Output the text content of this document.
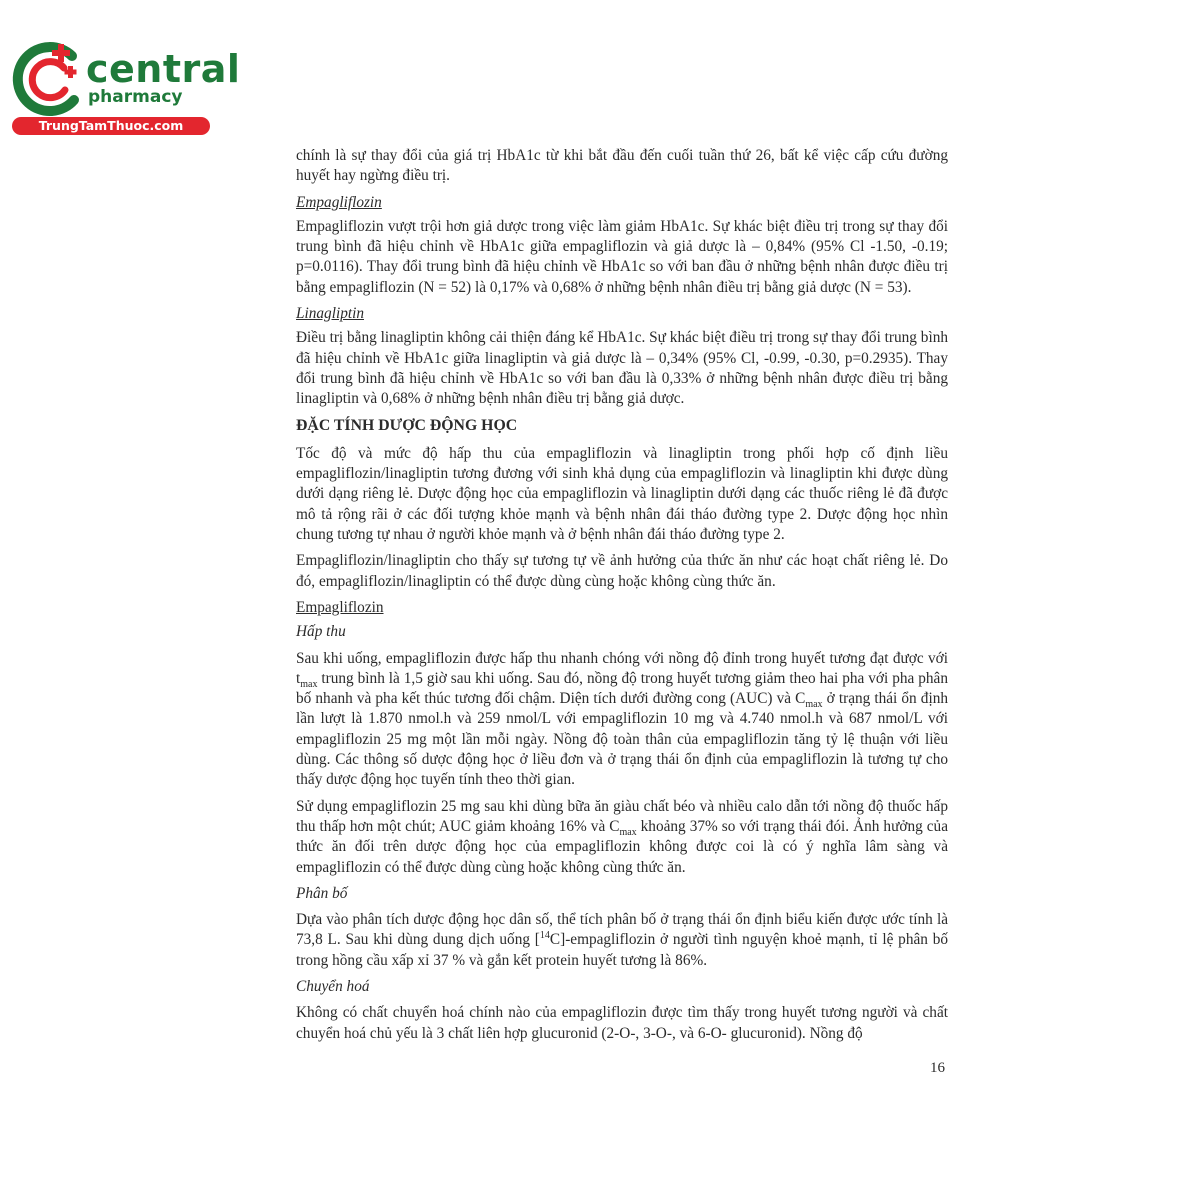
central
pharmacy
TrungTamThuoc.com

chính là sự thay đổi của giá trị HbA1c từ khi bắt đầu đến cuối tuần thứ 26, bất kể việc cấp cứu đường huyết hay ngừng điều trị.

Empagliflozin

Empagliflozin vượt trội hơn giả dược trong việc làm giảm HbA1c. Sự khác biệt điều trị trong sự thay đổi trung bình đã hiệu chỉnh về HbA1c giữa empagliflozin và giả dược là – 0,84% (95% Cl -1.50, -0.19; p=0.0116). Thay đổi trung bình đã hiệu chỉnh về HbA1c so với ban đầu ở những bệnh nhân được điều trị bằng empagliflozin (N = 52) là 0,17% và 0,68% ở những bệnh nhân điều trị bằng giả dược (N = 53).

Linagliptin

Điều trị bằng linagliptin không cải thiện đáng kể HbA1c. Sự khác biệt điều trị trong sự thay đổi trung bình đã hiệu chỉnh về HbA1c giữa linagliptin và giả dược là – 0,34% (95% Cl, -0.99, -0.30, p=0.2935). Thay đổi trung bình đã hiệu chỉnh về HbA1c so với ban đầu là 0,33% ở những bệnh nhân được điều trị bằng linagliptin và 0,68% ở những bệnh nhân điều trị bằng giả dược.

ĐẶC TÍNH DƯỢC ĐỘNG HỌC

Tốc độ và mức độ hấp thu của empagliflozin và linagliptin trong phối hợp cố định liều empagliflozin/linagliptin tương đương với sinh khả dụng của empagliflozin và linagliptin khi được dùng dưới dạng riêng lẻ. Dược động học của empagliflozin và linagliptin dưới dạng các thuốc riêng lẻ đã được mô tả rộng rãi ở các đối tượng khỏe mạnh và bệnh nhân đái tháo đường type 2. Dược động học nhìn chung tương tự nhau ở người khỏe mạnh và ở bệnh nhân đái tháo đường type 2.

Empagliflozin/linagliptin cho thấy sự tương tự về ảnh hưởng của thức ăn như các hoạt chất riêng lẻ. Do đó, empagliflozin/linagliptin có thể được dùng cùng hoặc không cùng thức ăn.

Empagliflozin
Hấp thu

Sau khi uống, empagliflozin được hấp thu nhanh chóng với nồng độ đỉnh trong huyết tương đạt được với $t_{max}$ trung bình là 1,5 giờ sau khi uống. Sau đó, nồng độ trong huyết tương giảm theo hai pha với pha phân bố nhanh và pha kết thúc tương đối chậm. Diện tích dưới đường cong (AUC) và $C_{max}$ ở trạng thái ổn định lần lượt là 1.870 nmol.h và 259 nmol/L với empagliflozin 10 mg và 4.740 nmol.h và 687 nmol/L với empagliflozin 25 mg một lần mỗi ngày. Nồng độ toàn thân của empagliflozin tăng tỷ lệ thuận với liều dùng. Các thông số dược động học ở liều đơn và ở trạng thái ổn định của empagliflozin là tương tự cho thấy dược động học tuyến tính theo thời gian.

Sử dụng empagliflozin 25 mg sau khi dùng bữa ăn giàu chất béo và nhiều calo dẫn tới nồng độ thuốc hấp thu thấp hơn một chút; AUC giảm khoảng 16% và $C_{max}$ khoảng 37% so với trạng thái đói. Ảnh hưởng của thức ăn đối trên dược động học của empagliflozin không được coi là có ý nghĩa lâm sàng và empagliflozin có thể được dùng cùng hoặc không cùng thức ăn.

Phân bố

Dựa vào phân tích dược động học dân số, thể tích phân bố ở trạng thái ổn định biểu kiến được ước tính là 73,8 L. Sau khi dùng dung dịch uống [$^{14}$C]-empagliflozin ở người tình nguyện khoẻ mạnh, tỉ lệ phân bố trong hồng cầu xấp xỉ 37 % và gắn kết protein huyết tương là 86%.

Chuyển hoá

Không có chất chuyển hoá chính nào của empagliflozin được tìm thấy trong huyết tương người và chất chuyển hoá chủ yếu là 3 chất liên hợp glucuronid (2-O-, 3-O-, và 6-O- glucuronid). Nồng độ

16
